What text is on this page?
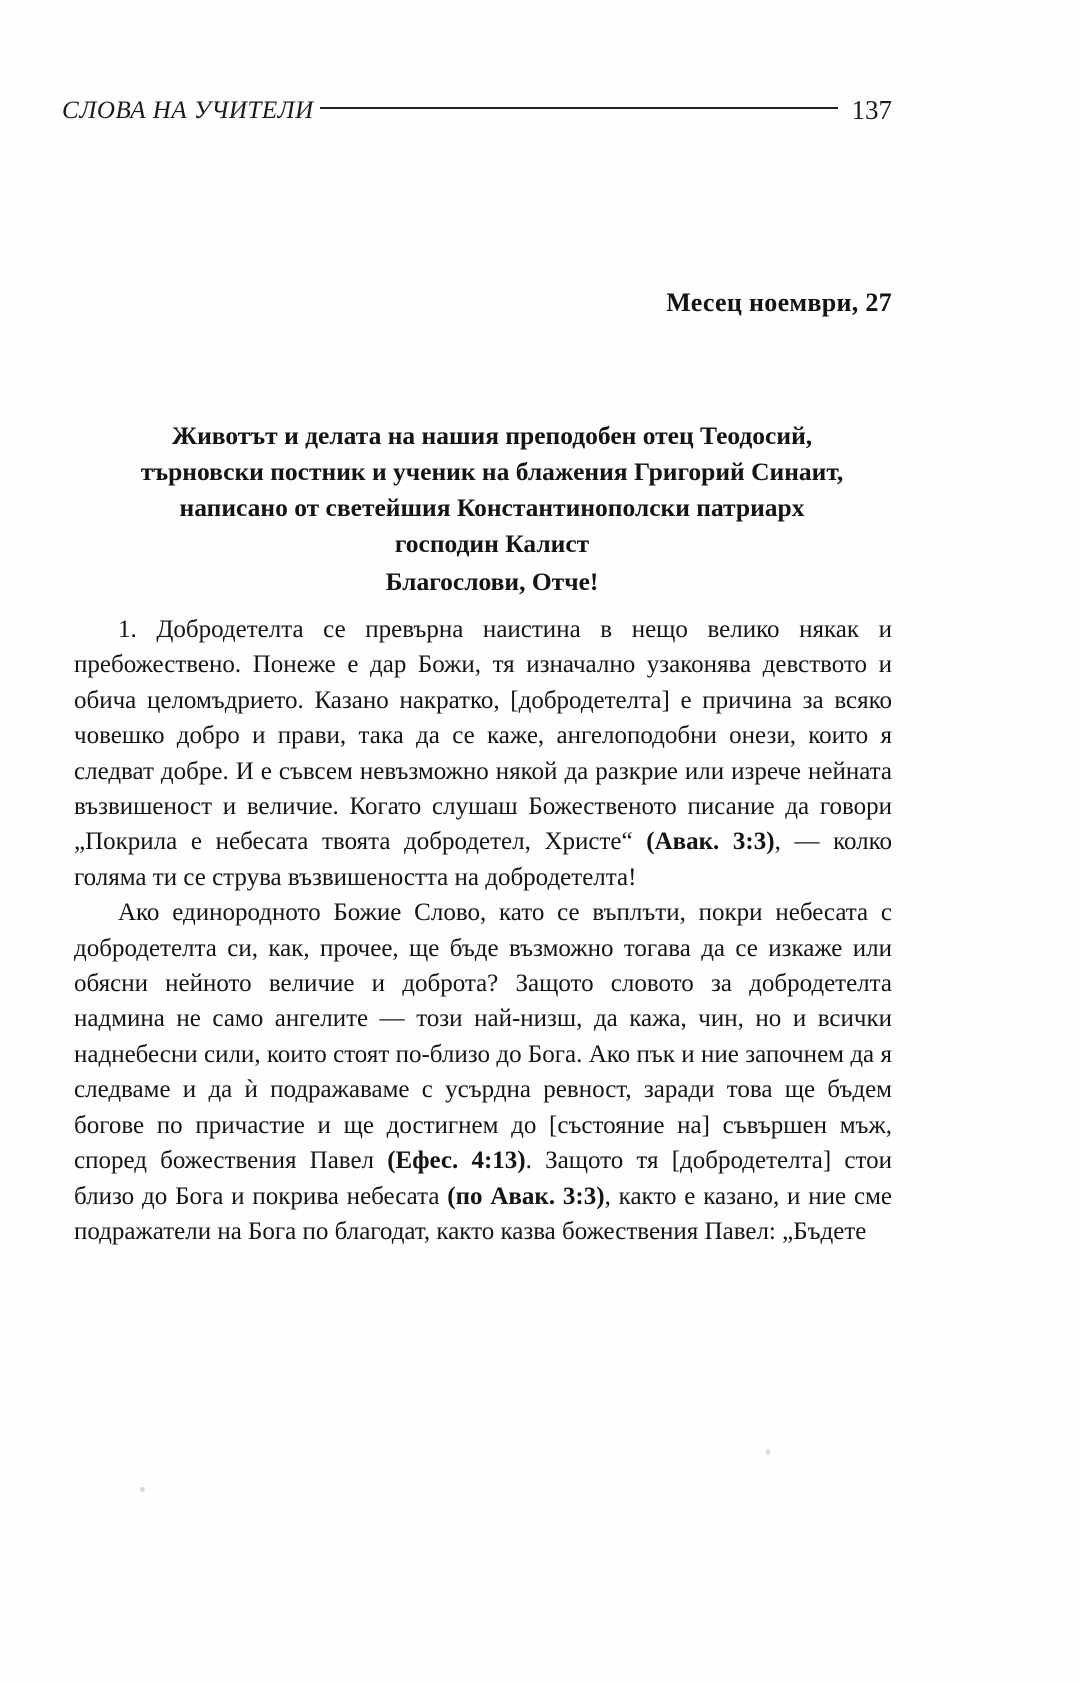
СЛОВА НА УЧИТЕЛИ	137
Месец ноември, 27
Животът и делата на нашия преподобен отец Теодосий,
търновски постник и ученик на блажения Григорий Синаит,
написано от светейшия Константинополски патриарх
господин Калист
Благослови, Отче!

1. Добродетелта се превърна наистина в нещо велико някак и пребожествено. Понеже е дар Божи, тя изначално узаконява девството и обича целомъдрието. Казано накратко, [добродетелта] е причина за всяко човешко добро и прави, така да се каже, ангелоподобни онези, които я следват добре. И е съвсем невъзможно някой да разкрие или изрече нейната възвишеност и величие. Когато слушаш Божественото писание да говори „Покрила е небесата твоята добродетел, Христе“ (Авак. 3:3), — колко голяма ти се струва възвишеността на добродетелта!

Ако единородното Божие Слово, като се въплъти, покри небесата с добродетелта си, как, прочее, ще бъде възможно тогава да се изкаже или обясни нейното величие и доброта? Защото словото за добродетелта надмина не само ангелите — този най-низш, да кажа, чин, но и всички наднебесни сили, които стоят по-близо до Бога. Ако пък и ние започнем да я следваме и да ѝ подражаваме с усърдна ревност, заради това ще бъдем богове по причастие и ще достигнем до [състояние на] съвършен мъж, според божествения Павел (Ефес. 4:13). Защото тя [добродетелта] стои близо до Бога и покрива небесата (по Авак. 3:3), както е казано, и ние сме подражатели на Бога по благодат, както казва божествения Павел: „Бъдете
